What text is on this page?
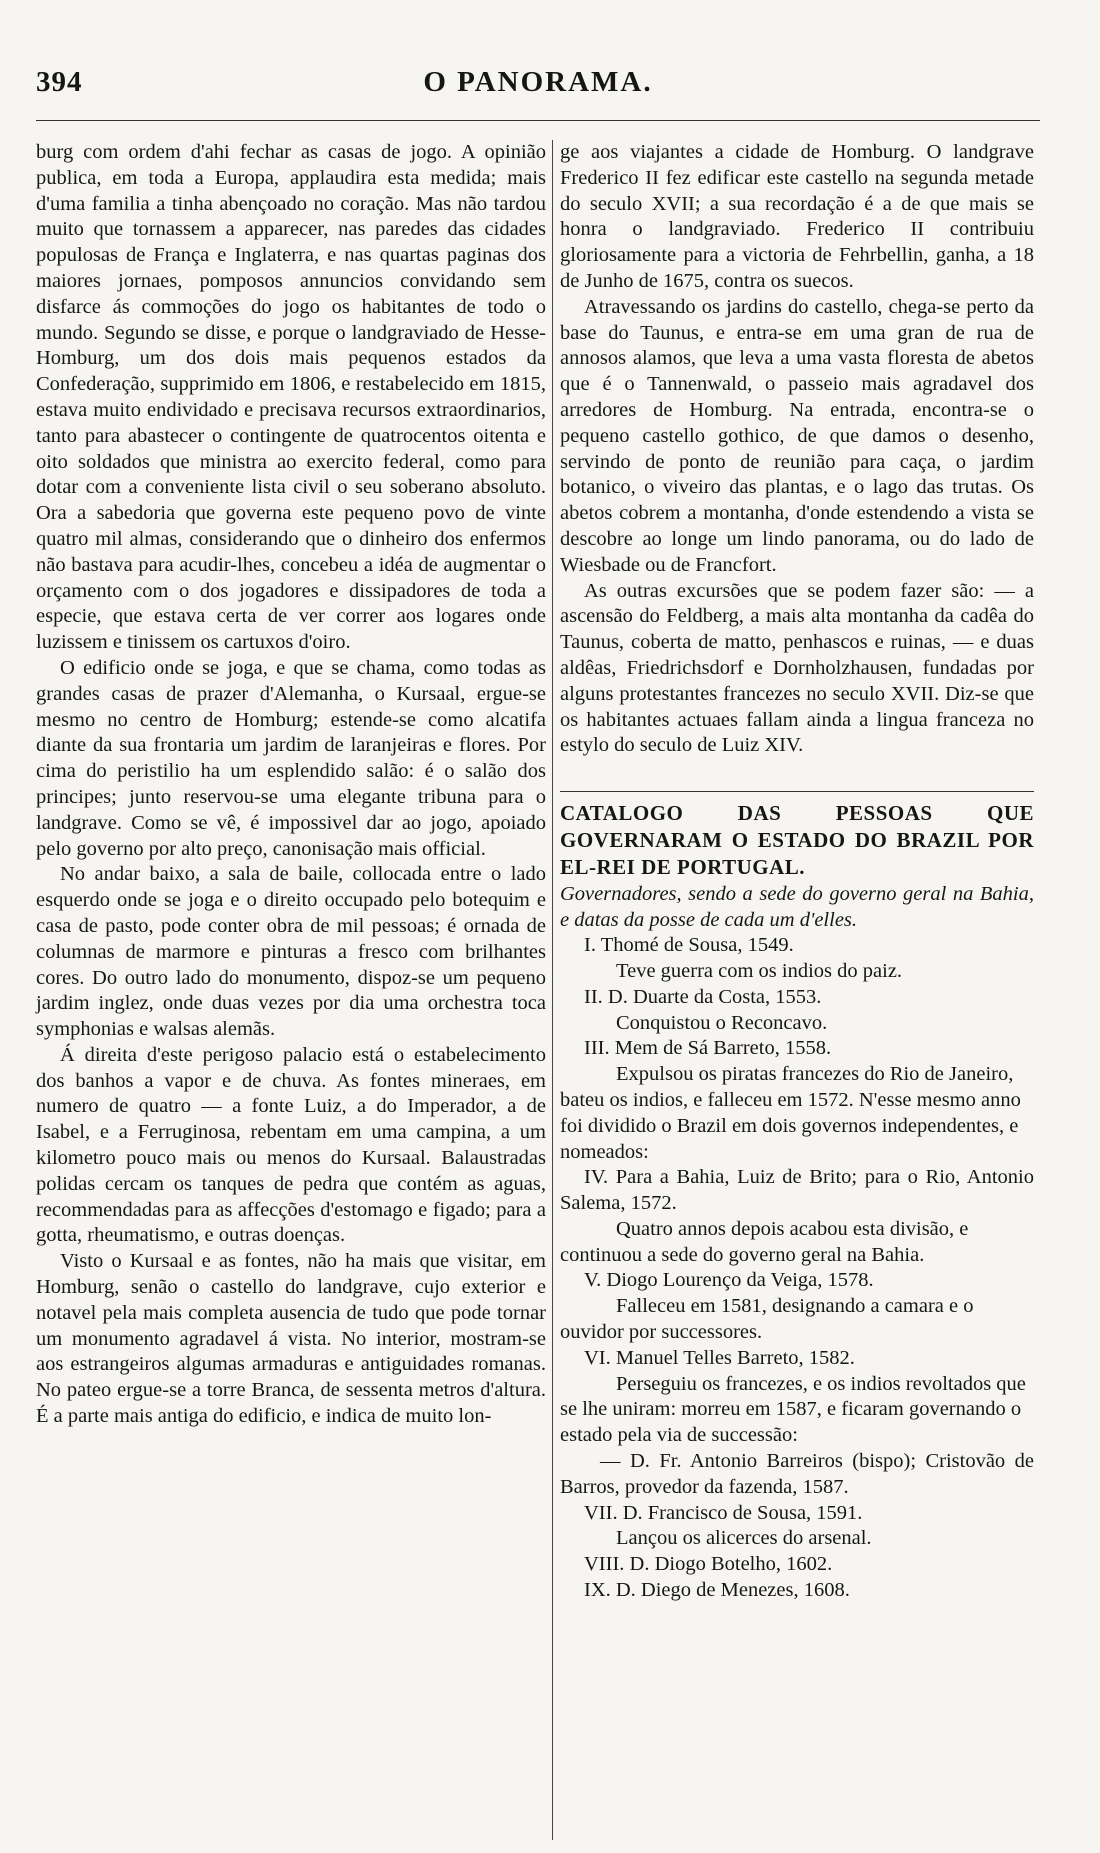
394	O PANORAMA.

burg com ordem d'ahi fechar as casas de jogo. A opinião publica, em toda a Europa, applaudira esta medida; mais d'uma familia a tinha abençoado no coração. Mas não tardou muito que tornassem a apparecer, nas paredes das cidades populosas de França e Inglaterra, e nas quartas paginas dos maiores jornaes, pomposos annuncios convidando sem disfarce ás commoções do jogo os habitantes de todo o mundo. Segundo se disse, e porque o landgraviado de Hesse-Homburg, um dos dois mais pequenos estados da Confederação, supprimido em 1806, e restabelecido em 1815, estava muito endividado e precisava recursos extraordinarios, tanto para abastecer o contingente de quatrocentos oitenta e oito soldados que ministra ao exercito federal, como para dotar com a conveniente lista civil o seu soberano absoluto. Ora a sabedoria que governa este pequeno povo de vinte quatro mil almas, considerando que o dinheiro dos enfermos não bastava para acudir-lhes, concebeu a idéa de augmentar o orçamento com o dos jogadores e dissipadores de toda a especie, que estava certa de ver correr aos logares onde luzissem e tinissem os cartuxos d'oiro.

O edificio onde se joga, e que se chama, como todas as grandes casas de prazer d'Alemanha, o Kursaal, ergue-se mesmo no centro de Homburg; estende-se como alcatifa diante da sua frontaria um jardim de laranjeiras e flores. Por cima do peristilio ha um esplendido salão: é o salão dos principes; junto reservou-se uma elegante tribuna para o landgrave. Como se vê, é impossivel dar ao jogo, apoiado pelo governo por alto preço, canonisação mais official.

No andar baixo, a sala de baile, collocada entre o lado esquerdo onde se joga e o direito occupado pelo botequim e casa de pasto, pode conter obra de mil pessoas; é ornada de columnas de marmore e pinturas a fresco com brilhantes cores. Do outro lado do monumento, dispoz-se um pequeno jardim inglez, onde duas vezes por dia uma orchestra toca symphonias e walsas alemãs.

Á direita d'este perigoso palacio está o estabelecimento dos banhos a vapor e de chuva. As fontes mineraes, em numero de quatro — a fonte Luiz, a do Imperador, a de Isabel, e a Ferruginosa, rebentam em uma campina, a um kilometro pouco mais ou menos do Kursaal. Balaustradas polidas cercam os tanques de pedra que contém as aguas, recommendadas para as affecções d'estomago e figado; para a gotta, rheumatismo, e outras doenças.

Visto o Kursaal e as fontes, não ha mais que visitar, em Homburg, senão o castello do landgrave, cujo exterior e notavel pela mais completa ausencia de tudo que pode tornar um monumento agradavel á vista. No interior, mostram-se aos estrangeiros algumas armaduras e antiguidades romanas. No pateo ergue-se a torre Branca, de sessenta metros d'altura. É a parte mais antiga do edificio, e indica de muito lon-

ge aos viajantes a cidade de Homburg. O landgrave Frederico II fez edificar este castello na segunda metade do seculo XVII; a sua recordação é a de que mais se honra o landgraviado. Frederico II contribuiu gloriosamente para a victoria de Fehrbellin, ganha, a 18 de Junho de 1675, contra os suecos.

Atravessando os jardins do castello, chega-se perto da base do Taunus, e entra-se em uma gran de rua de annosos alamos, que leva a uma vasta floresta de abetos que é o Tannenwald, o passeio mais agradavel dos arredores de Homburg. Na entrada, encontra-se o pequeno castello gothico, de que damos o desenho, servindo de ponto de reunião para caça, o jardim botanico, o viveiro das plantas, e o lago das trutas. Os abetos cobrem a montanha, d'onde estendendo a vista se descobre ao longe um lindo panorama, ou do lado de Wiesbade ou de Francfort.

As outras excursões que se podem fazer são: — a ascensão do Feldberg, a mais alta montanha da cadêa do Taunus, coberta de matto, penhascos e ruinas, — e duas aldêas, Friedrichsdorf e Dornholzhausen, fundadas por alguns protestantes francezes no seculo XVII. Diz-se que os habitantes actuaes fallam ainda a lingua franceza no estylo do seculo de Luiz XIV.

CATALOGO DAS PESSOAS QUE GOVERNARAM O ESTADO DO BRAZIL POR EL-REI DE PORTUGAL.

Governadores, sendo a sede do governo geral na Bahia, e datas da posse de cada um d'elles.

I. Thomé de Sousa, 1549.

Teve guerra com os indios do paiz.

II. D. Duarte da Costa, 1553.

Conquistou o Reconcavo.

III. Mem de Sá Barreto, 1558.

Expulsou os piratas francezes do Rio de Janeiro, bateu os indios, e falleceu em 1572. N'esse mesmo anno foi dividido o Brazil em dois governos independentes, e nomeados:

IV. Para a Bahia, Luiz de Brito; para o Rio, Antonio Salema, 1572.

Quatro annos depois acabou esta divisão, e continuou a sede do governo geral na Bahia.

V. Diogo Lourenço da Veiga, 1578.

Falleceu em 1581, designando a camara e o ouvidor por successores.

VI. Manuel Telles Barreto, 1582.

Perseguiu os francezes, e os indios revoltados que se lhe uniram: morreu em 1587, e ficaram governando o estado pela via de successão:

— D. Fr. Antonio Barreiros (bispo); Cristovão de Barros, provedor da fazenda, 1587.

VII. D. Francisco de Sousa, 1591.

Lançou os alicerces do arsenal.

VIII. D. Diogo Botelho, 1602.

IX. D. Diego de Menezes, 1608.
